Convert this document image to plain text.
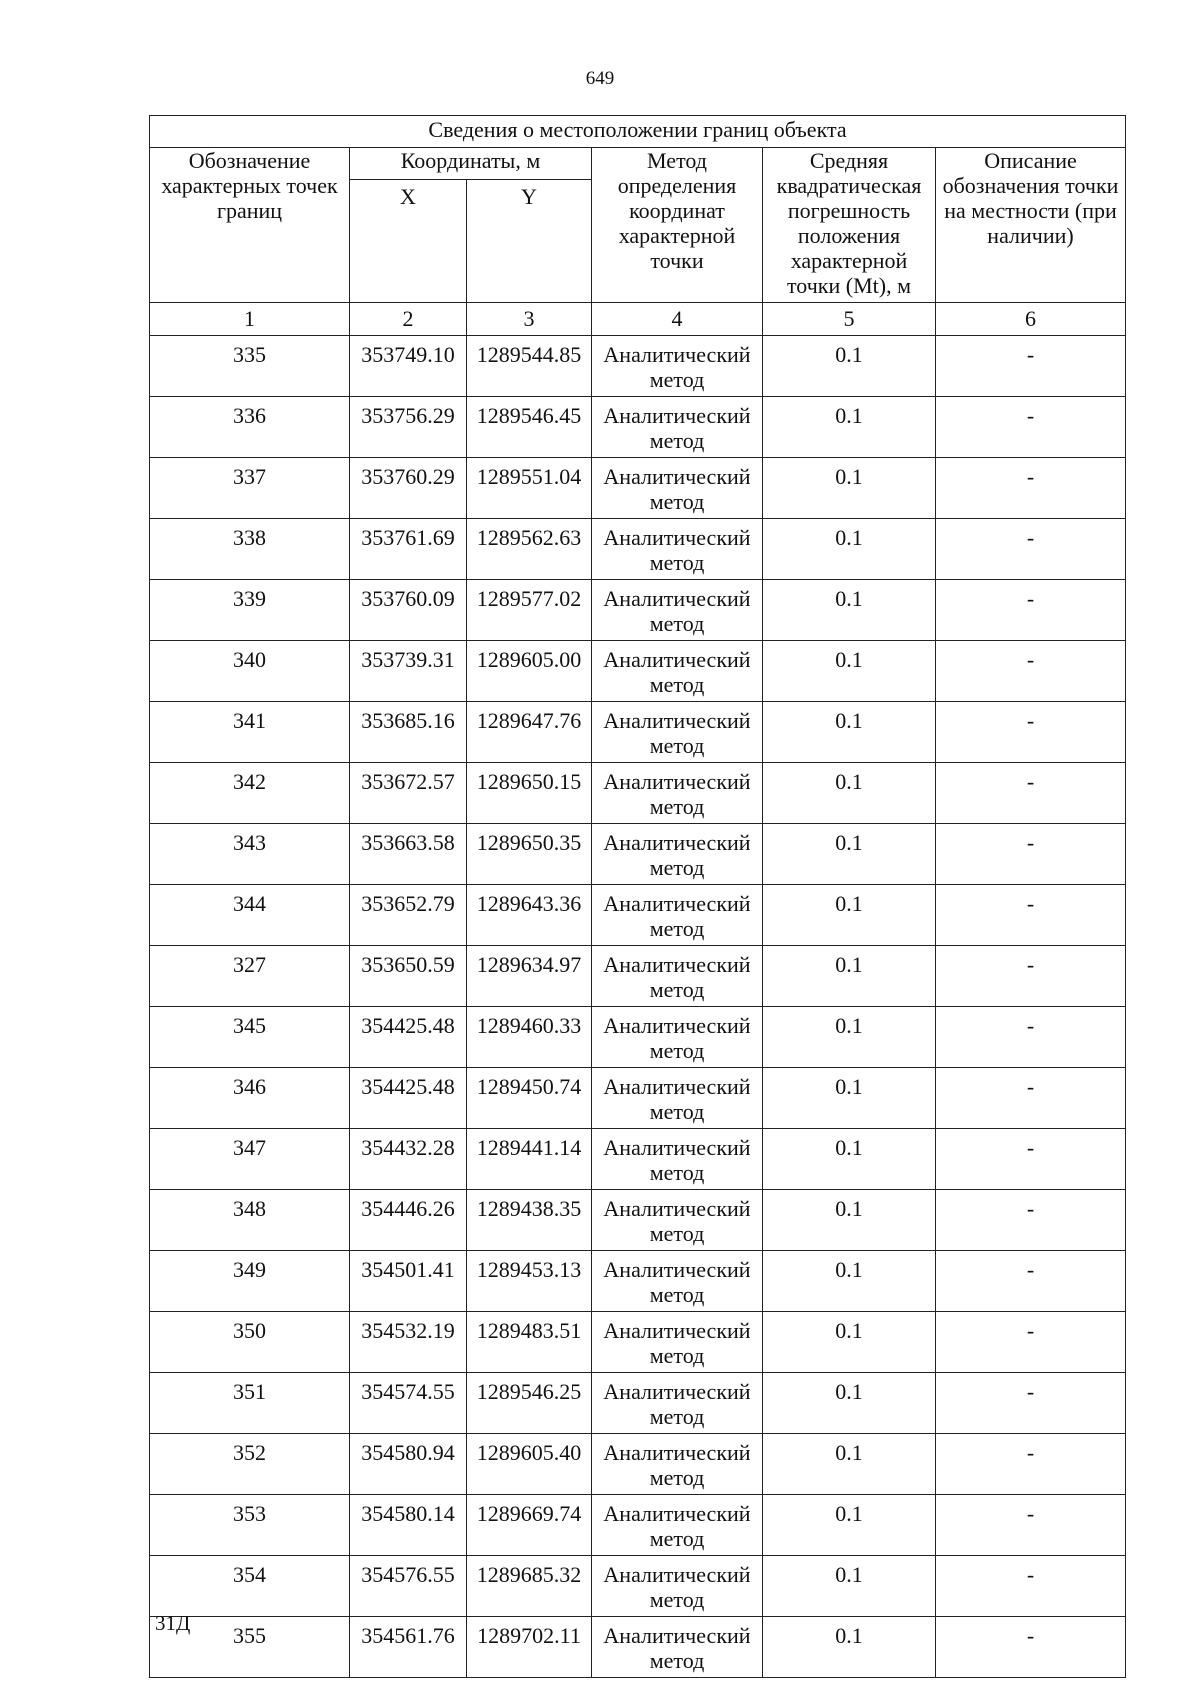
649
Сведения о местоположении границ объекта					
Обозначение характерных точек границ	Координаты, м		Метод определения координат характерной точки	Средняя квадратическая погрешность положения характерной точки (Mt), м	Описание обозначения точки на местности (при наличии)
	X	Y			
1	2	3	4	5	6
335	353749.10	1289544.85	Аналитический метод	0.1	-
336	353756.29	1289546.45	Аналитический метод	0.1	-
337	353760.29	1289551.04	Аналитический метод	0.1	-
338	353761.69	1289562.63	Аналитический метод	0.1	-
339	353760.09	1289577.02	Аналитический метод	0.1	-
340	353739.31	1289605.00	Аналитический метод	0.1	-
341	353685.16	1289647.76	Аналитический метод	0.1	-
342	353672.57	1289650.15	Аналитический метод	0.1	-
343	353663.58	1289650.35	Аналитический метод	0.1	-
344	353652.79	1289643.36	Аналитический метод	0.1	-
327	353650.59	1289634.97	Аналитический метод	0.1	-
345	354425.48	1289460.33	Аналитический метод	0.1	-
346	354425.48	1289450.74	Аналитический метод	0.1	-
347	354432.28	1289441.14	Аналитический метод	0.1	-
348	354446.26	1289438.35	Аналитический метод	0.1	-
349	354501.41	1289453.13	Аналитический метод	0.1	-
350	354532.19	1289483.51	Аналитический метод	0.1	-
351	354574.55	1289546.25	Аналитический метод	0.1	-
352	354580.94	1289605.40	Аналитический метод	0.1	-
353	354580.14	1289669.74	Аналитический метод	0.1	-
354	354576.55	1289685.32	Аналитический метод	0.1	-
355	354561.76	1289702.11	Аналитический метод	0.1	-
31Д
